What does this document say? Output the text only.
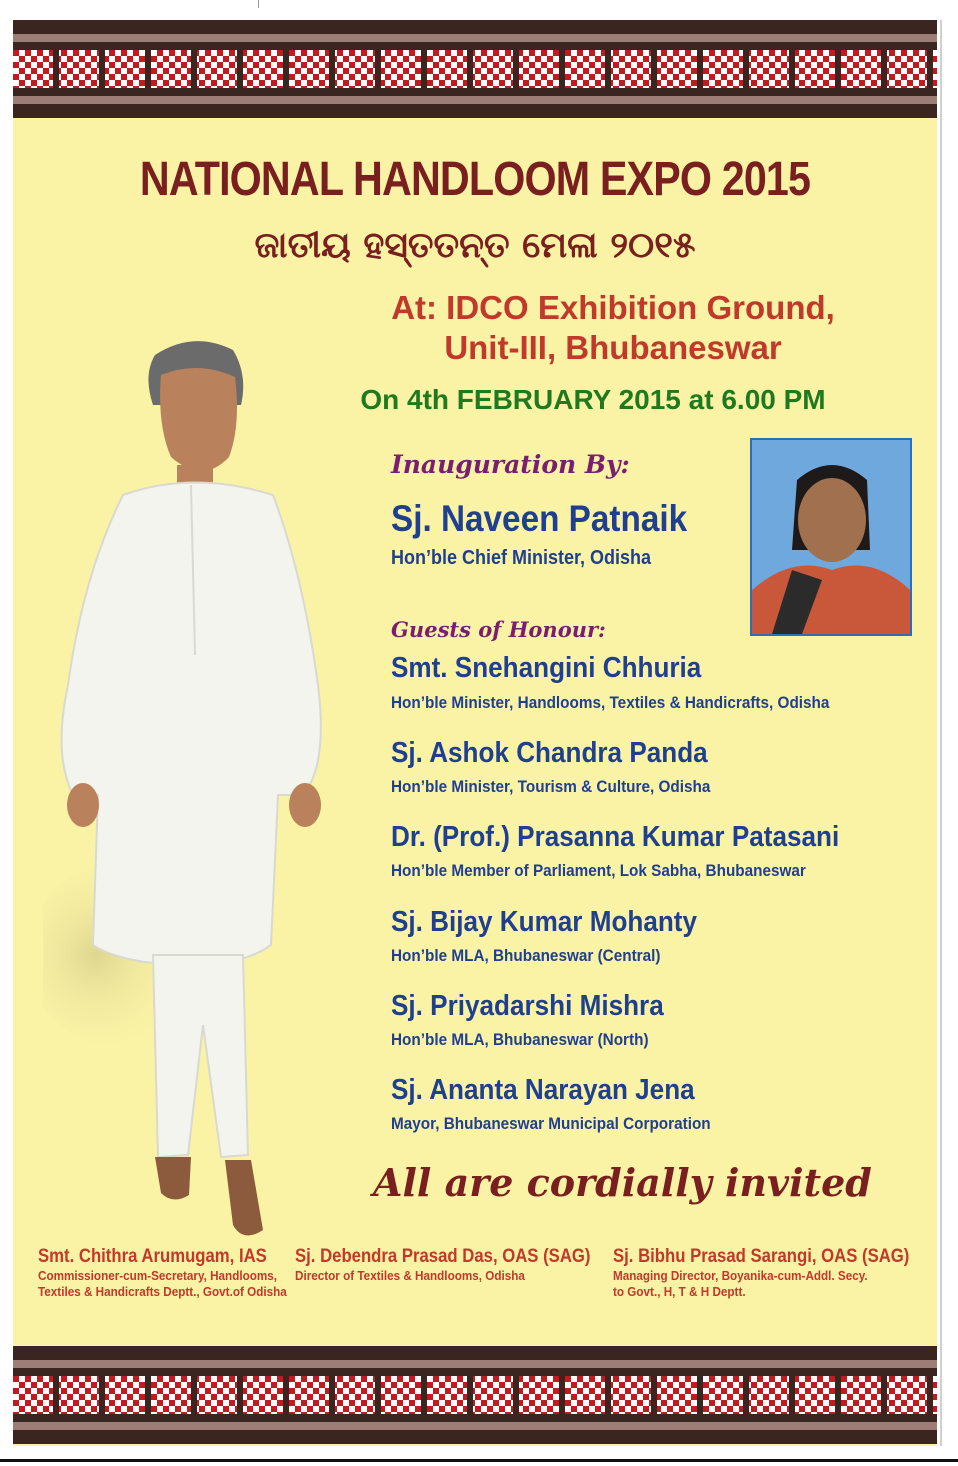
NATIONAL HANDLOOM EXPO 2015
ଜାତୀୟ ହସ୍ତତନ୍ତ ମେଳା ୨୦୧୫
At: IDCO Exhibition Ground,
Unit-III, Bhubaneswar
On 4th FEBRUARY 2015 at 6.00 PM
Inauguration By:
Sj. Naveen Patnaik
Hon’ble Chief Minister, Odisha
Guests of Honour:
Smt. Snehangini Chhuria
Hon’ble Minister, Handlooms, Textiles & Handicrafts, Odisha
Sj. Ashok Chandra Panda
Hon’ble Minister, Tourism & Culture, Odisha
Dr. (Prof.) Prasanna Kumar Patasani
Hon’ble Member of Parliament, Lok Sabha, Bhubaneswar
Sj. Bijay Kumar Mohanty
Hon’ble MLA, Bhubaneswar (Central)
Sj. Priyadarshi Mishra
Hon’ble MLA, Bhubaneswar (North)
Sj. Ananta Narayan Jena
Mayor, Bhubaneswar Municipal Corporation
All are cordially invited
Smt. Chithra Arumugam, IAS
Commissioner-cum-Secretary, Handlooms,
Textiles & Handicrafts Deptt., Govt.of Odisha
Sj. Debendra Prasad Das, OAS (SAG)
Director of Textiles & Handlooms, Odisha
Sj. Bibhu Prasad Sarangi, OAS (SAG)
Managing Director, Boyanika-cum-Addl. Secy.
to Govt., H, T & H Deptt.
